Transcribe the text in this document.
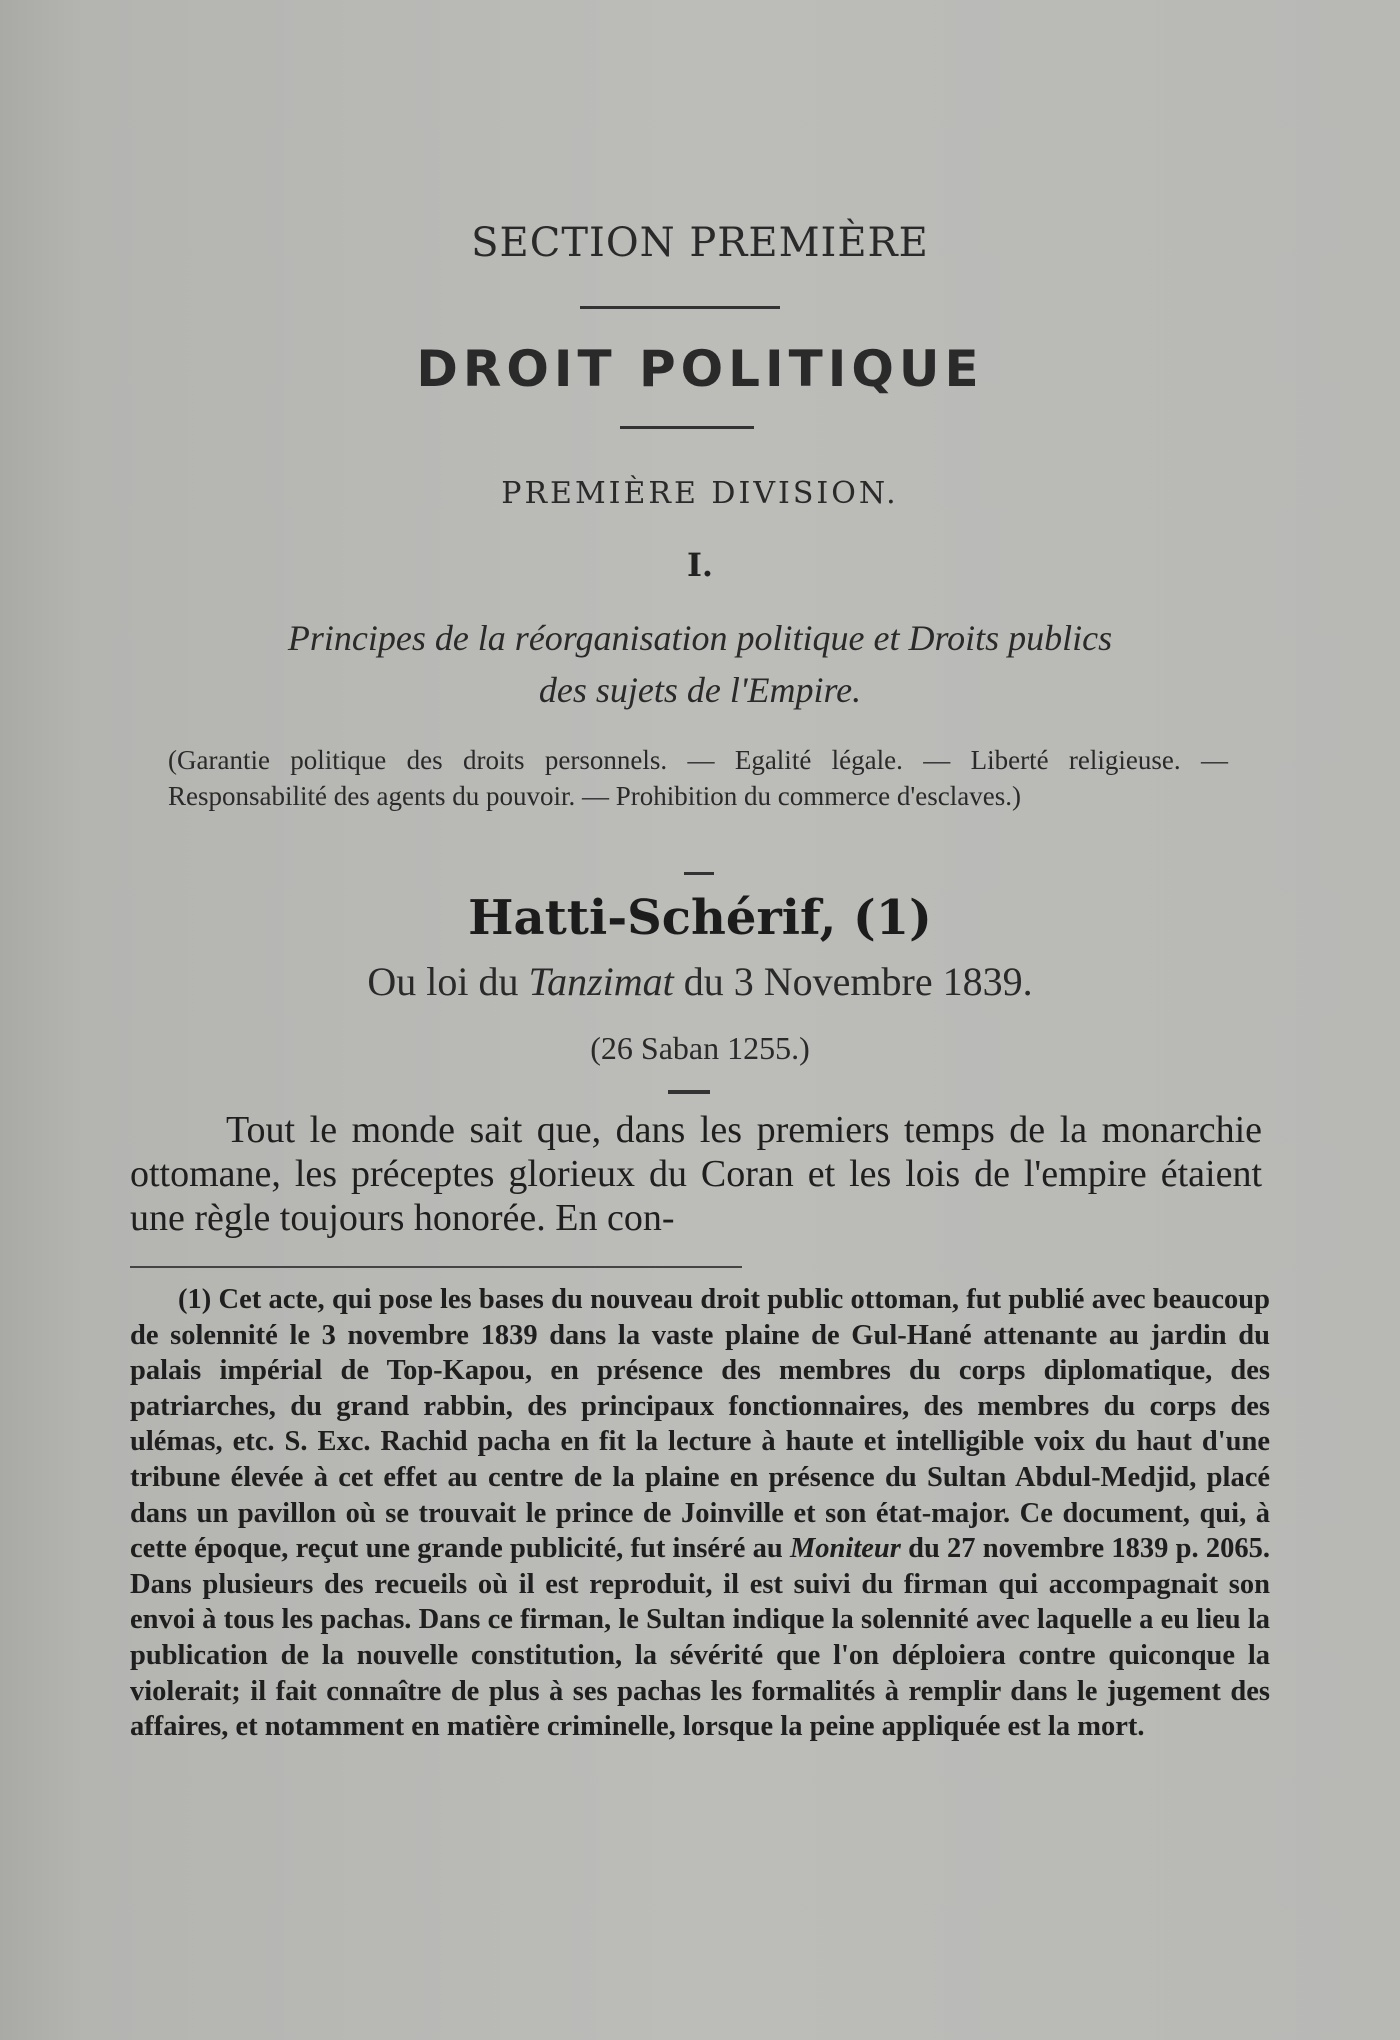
SECTION PREMIÈRE
DROIT POLITIQUE
PREMIÈRE DIVISION.
I.
Principes de la réorganisation politique et Droits publics
des sujets de l'Empire.
(Garantie politique des droits personnels. — Egalité légale. — Liberté religieuse. — Responsabilité des agents du pouvoir. — Prohibition du commerce d'esclaves.)
Hatti-Schérif, (1)
Ou loi du Tanzimat du 3 Novembre 1839.
(26 Saban 1255.)
Tout le monde sait que, dans les premiers temps de la monarchie ottomane, les préceptes glorieux du Coran et les lois de l'empire étaient une règle toujours honorée. En con-
(1) Cet acte, qui pose les bases du nouveau droit public ottoman, fut publié avec beaucoup de solennité le 3 novembre 1839 dans la vaste plaine de Gul-Hané attenante au jardin du palais impérial de Top-Kapou, en présence des membres du corps diplomatique, des patriarches, du grand rabbin, des principaux fonctionnaires, des membres du corps des ulémas, etc. S. Exc. Rachid pacha en fit la lecture à haute et intelligible voix du haut d'une tribune élevée à cet effet au centre de la plaine en présence du Sultan Abdul-Medjid, placé dans un pavillon où se trouvait le prince de Joinville et son état-major. Ce document, qui, à cette époque, reçut une grande publicité, fut inséré au Moniteur du 27 novembre 1839 p. 2065. Dans plusieurs des recueils où il est reproduit, il est suivi du firman qui accompagnait son envoi à tous les pachas. Dans ce firman, le Sultan indique la solennité avec laquelle a eu lieu la publication de la nouvelle constitution, la sévérité que l'on déploiera contre quiconque la violerait; il fait connaître de plus à ses pachas les formalités à remplir dans le jugement des affaires, et notamment en matière criminelle, lorsque la peine appliquée est la mort.
